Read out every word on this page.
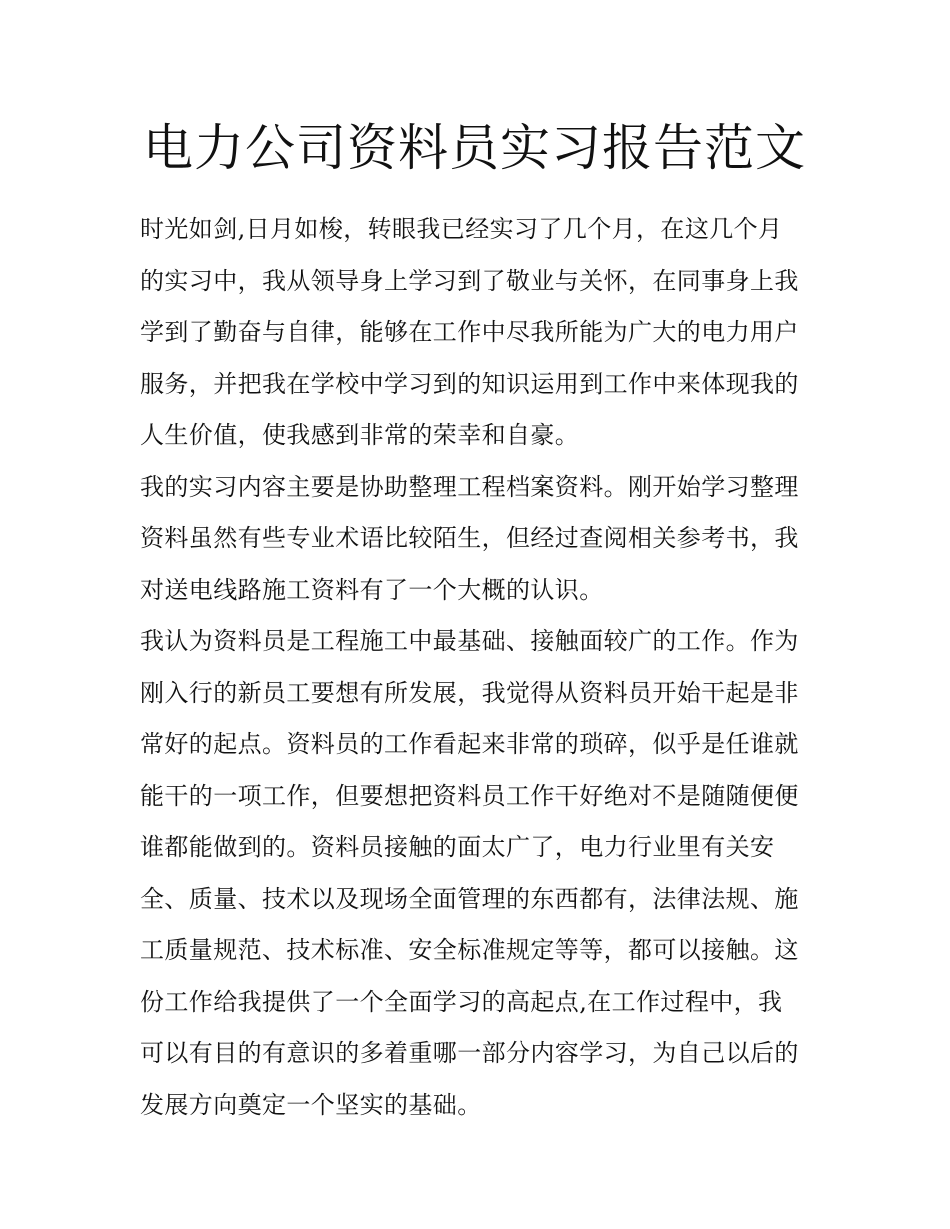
电力公司资料员实习报告范文
时光如剑,日月如梭，转眼我已经实习了几个月，在这几个月
的实习中，我从领导身上学习到了敬业与关怀，在同事身上我
学到了勤奋与自律，能够在工作中尽我所能为广大的电力用户
服务，并把我在学校中学习到的知识运用到工作中来体现我的
人生价值，使我感到非常的荣幸和自豪。
我的实习内容主要是协助整理工程档案资料。刚开始学习整理
资料虽然有些专业术语比较陌生，但经过查阅相关参考书，我
对送电线路施工资料有了一个大概的认识。
我认为资料员是工程施工中最基础、接触面较广的工作。作为
刚入行的新员工要想有所发展，我觉得从资料员开始干起是非
常好的起点。资料员的工作看起来非常的琐碎，似乎是任谁就
能干的一项工作，但要想把资料员工作干好绝对不是随随便便
谁都能做到的。资料员接触的面太广了，电力行业里有关安
全、质量、技术以及现场全面管理的东西都有，法律法规、施
工质量规范、技术标准、安全标准规定等等，都可以接触。这
份工作给我提供了一个全面学习的高起点,在工作过程中，我
可以有目的有意识的多着重哪一部分内容学习，为自己以后的
发展方向奠定一个坚实的基础。
